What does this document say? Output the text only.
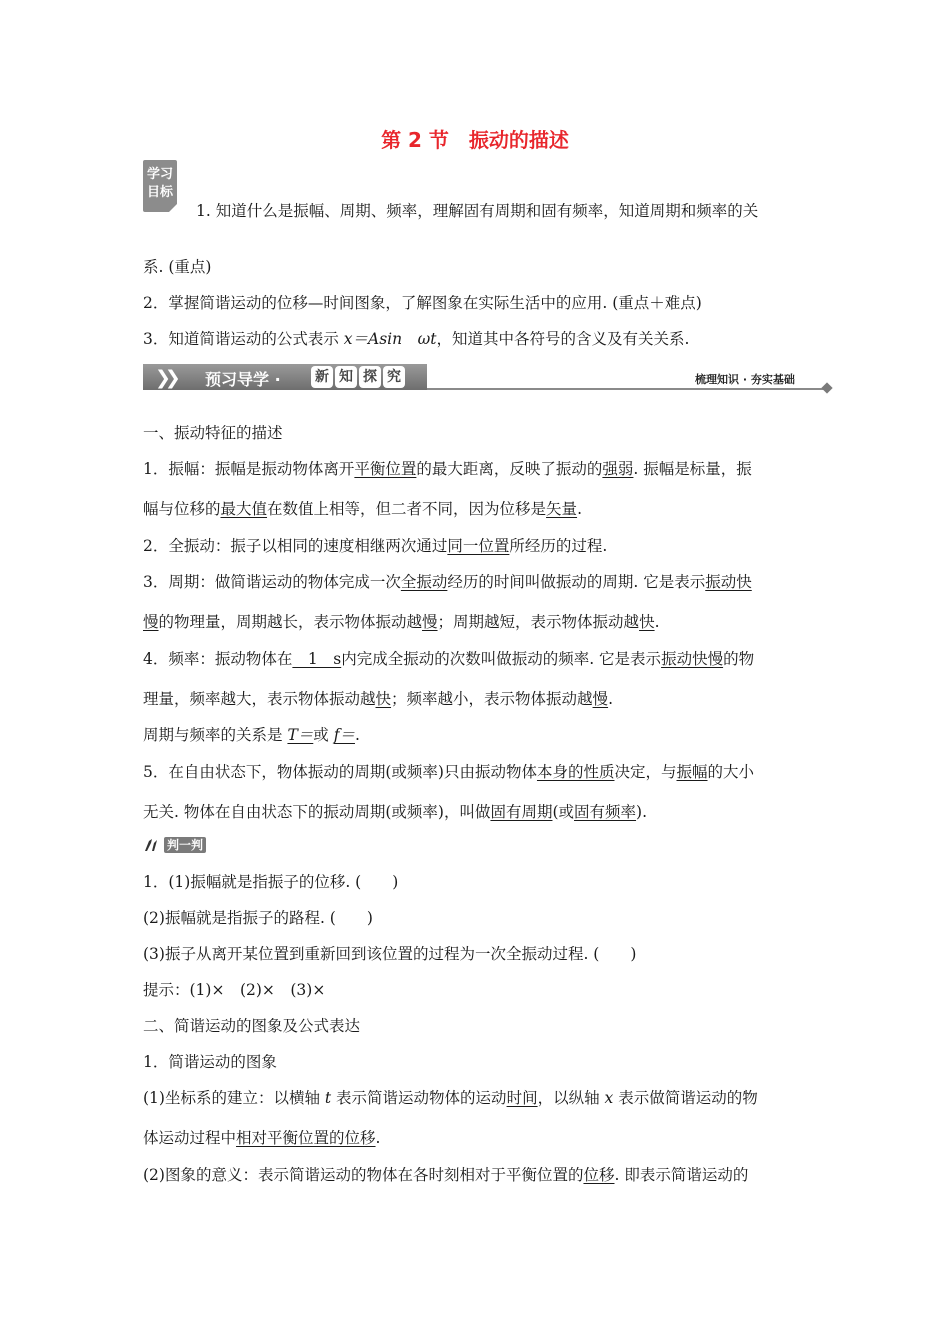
第 2 节　振动的描述
学习
目标
1. 知道什么是振幅、周期、频率，理解固有周期和固有频率，知道周期和频率的关
系. (重点)
2．掌握简谐运动的位移—时间图象，了解图象在实际生活中的应用. (重点＋难点)
3．知道简谐运动的公式表示 x＝Asin　ωt，知道其中各符号的含义及有关关系.
❯❯ 预习导学 · 新 知 探 究	梳理知识 · 夯实基础
一、振动特征的描述
1．振幅：振幅是振动物体离开平衡位置的最大距离，反映了振动的强弱. 振幅是标量，振
幅与位移的最大值在数值上相等，但二者不同，因为位移是矢量.
2．全振动：振子以相同的速度相继两次通过同一位置所经历的过程.
3．周期：做简谐运动的物体完成一次全振动经历的时间叫做振动的周期. 它是表示振动快
慢的物理量，周期越长，表示物体振动越慢；周期越短，表示物体振动越快.
4．频率：振动物体在　1　s内完成全振动的次数叫做振动的频率. 它是表示振动快慢的物
理量，频率越大，表示物体振动越快；频率越小，表示物体振动越慢.
周期与频率的关系是 T＝或 f＝.
5．在自由状态下，物体振动的周期(或频率)只由振动物体本身的性质决定，与振幅的大小
无关. 物体在自由状态下的振动周期(或频率)，叫做固有周期(或固有频率).
判一判
1．(1)振幅就是指振子的位移. (　　)
(2)振幅就是指振子的路程. (　　)
(3)振子从离开某位置到重新回到该位置的过程为一次全振动过程. (　　)
提示：(1)×　(2)×　(3)×
二、简谐运动的图象及公式表达
1．简谐运动的图象
(1)坐标系的建立：以横轴 t 表示简谐运动物体的运动时间，以纵轴 x 表示做简谐运动的物
体运动过程中相对平衡位置的位移.
(2)图象的意义：表示简谐运动的物体在各时刻相对于平衡位置的位移. 即表示简谐运动的
